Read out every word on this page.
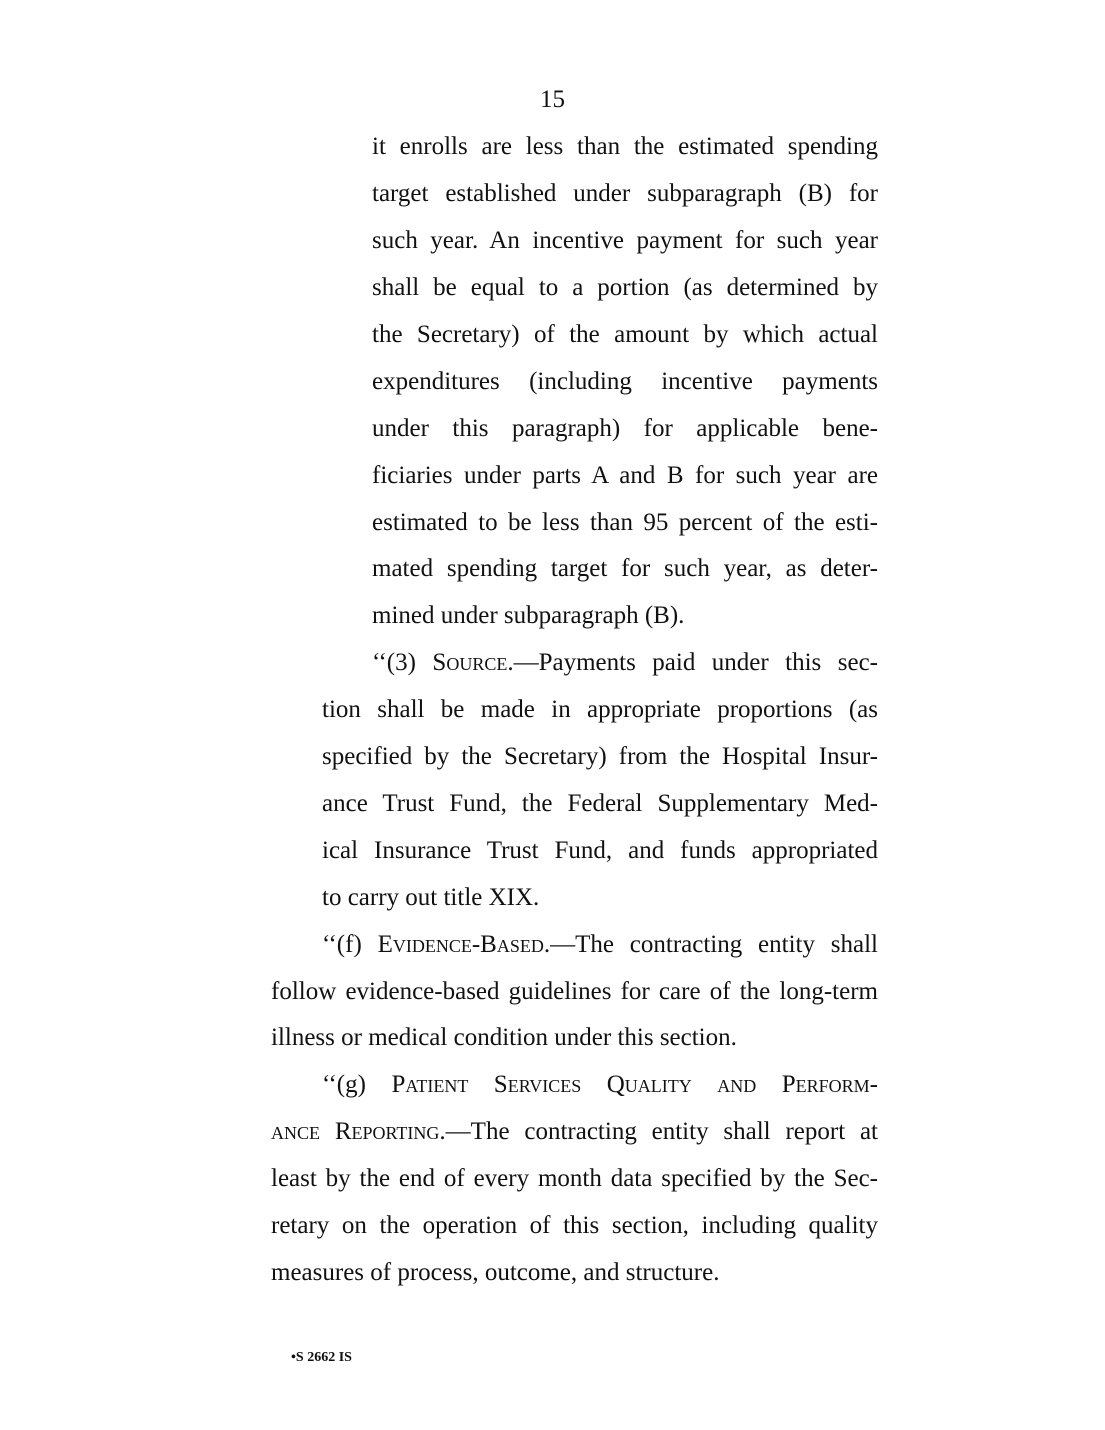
15
it enrolls are less than the estimated spending
target established under subparagraph (B) for
such year. An incentive payment for such year
shall be equal to a portion (as determined by
the Secretary) of the amount by which actual
expenditures (including incentive payments
under this paragraph) for applicable bene-
ficiaries under parts A and B for such year are
estimated to be less than 95 percent of the esti-
mated spending target for such year, as deter-
mined under subparagraph (B).
‘‘(3) Source.—Payments paid under this sec-
tion shall be made in appropriate proportions (as
specified by the Secretary) from the Hospital Insur-
ance Trust Fund, the Federal Supplementary Med-
ical Insurance Trust Fund, and funds appropriated
to carry out title XIX.
‘‘(f) Evidence-Based.—The contracting entity shall
follow evidence-based guidelines for care of the long-term
illness or medical condition under this section.
‘‘(g) Patient Services Quality and Perform-
ance Reporting.—The contracting entity shall report at
least by the end of every month data specified by the Sec-
retary on the operation of this section, including quality
measures of process, outcome, and structure.
•S 2662 IS
